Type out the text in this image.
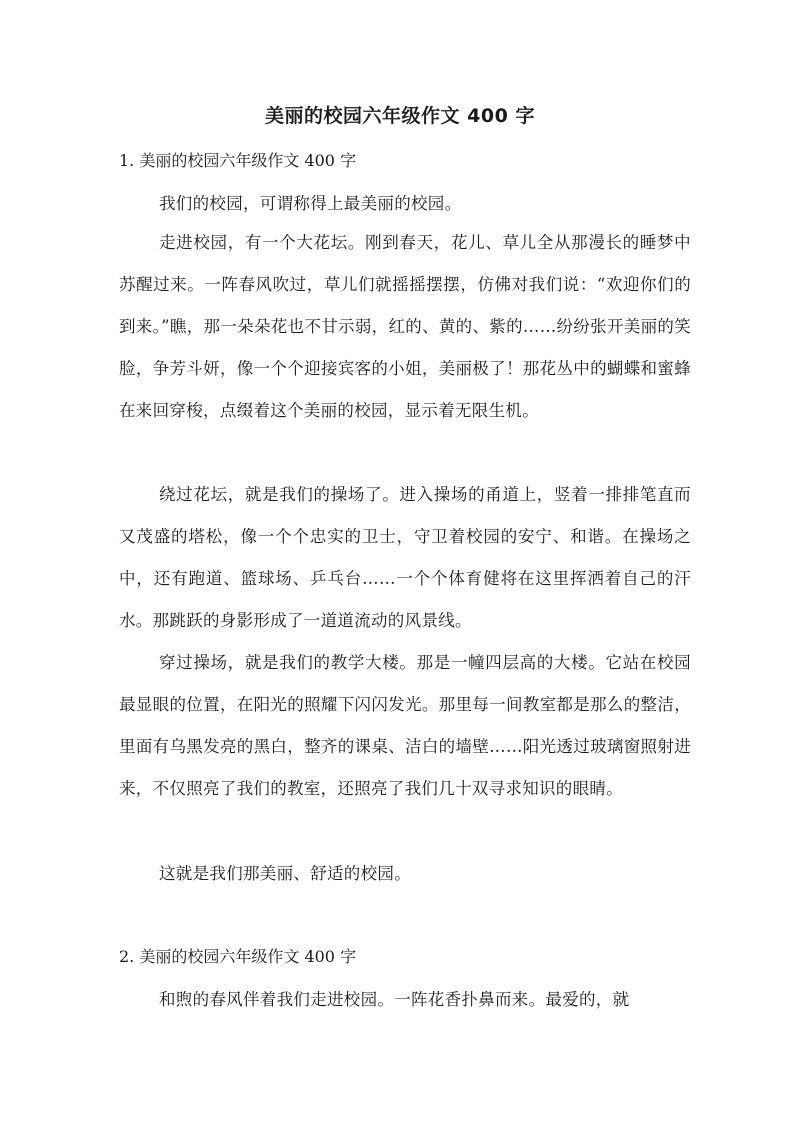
美丽的校园六年级作文 400 字
1. 美丽的校园六年级作文 400 字
我们的校园，可谓称得上最美丽的校园。
走进校园，有一个大花坛。刚到春天，花儿、草儿全从那漫长的睡梦中苏醒过来。一阵春风吹过，草儿们就摇摇摆摆，仿佛对我们说：“欢迎你们的到来。”瞧，那一朵朵花也不甘示弱，红的、黄的、紫的……纷纷张开美丽的笑脸，争芳斗妍，像一个个迎接宾客的小姐，美丽极了！那花丛中的蝴蝶和蜜蜂在来回穿梭，点缀着这个美丽的校园，显示着无限生机。
绕过花坛，就是我们的操场了。进入操场的甬道上，竖着一排排笔直而又茂盛的塔松，像一个个忠实的卫士，守卫着校园的安宁、和谐。在操场之中，还有跑道、篮球场、乒乓台……一个个体育健将在这里挥洒着自己的汗水。那跳跃的身影形成了一道道流动的风景线。
穿过操场，就是我们的教学大楼。那是一幢四层高的大楼。它站在校园最显眼的位置，在阳光的照耀下闪闪发光。那里每一间教室都是那么的整洁，里面有乌黑发亮的黑白，整齐的课桌、洁白的墙壁……阳光透过玻璃窗照射进来，不仅照亮了我们的教室，还照亮了我们几十双寻求知识的眼睛。
这就是我们那美丽、舒适的校园。
2. 美丽的校园六年级作文 400 字
和煦的春风伴着我们走进校园。一阵花香扑鼻而来。最爱的，就
